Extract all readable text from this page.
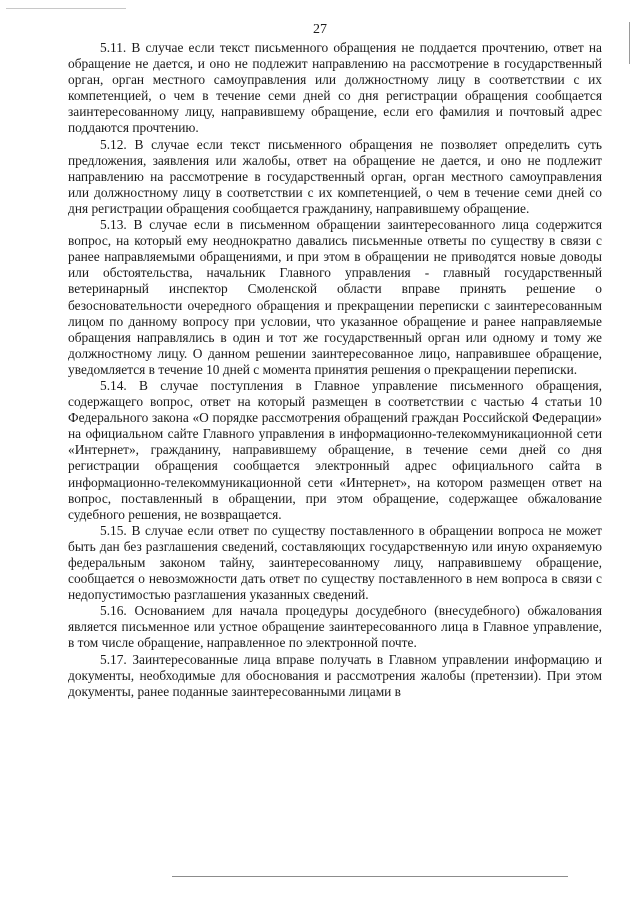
27

5.11. В случае если текст письменного обращения не поддается прочтению, ответ на обращение не дается, и оно не подлежит направлению на рассмотрение в государственный орган, орган местного самоуправления или должностному лицу в соответствии с их компетенцией, о чем в течение семи дней со дня регистрации обращения сообщается заинтересованному лицу, направившему обращение, если его фамилия и почтовый адрес поддаются прочтению.

5.12. В случае если текст письменного обращения не позволяет определить суть предложения, заявления или жалобы, ответ на обращение не дается, и оно не подлежит направлению на рассмотрение в государственный орган, орган местного самоуправления или должностному лицу в соответствии с их компетенцией, о чем в течение семи дней со дня регистрации обращения сообщается гражданину, направившему обращение.

5.13. В случае если в письменном обращении заинтересованного лица содержится вопрос, на который ему неоднократно давались письменные ответы по существу в связи с ранее направляемыми обращениями, и при этом в обращении не приводятся новые доводы или обстоятельства, начальник Главного управления - главный государственный ветеринарный инспектор Смоленской области вправе принять решение о безосновательности очередного обращения и прекращении переписки с заинтересованным лицом по данному вопросу при условии, что указанное обращение и ранее направляемые обращения направлялись в один и тот же государственный орган или одному и тому же должностному лицу. О данном решении заинтересованное лицо, направившее обращение, уведомляется в течение 10 дней с момента принятия решения о прекращении переписки.

5.14. В случае поступления в Главное управление письменного обращения, содержащего вопрос, ответ на который размещен в соответствии с частью 4 статьи 10 Федерального закона «О порядке рассмотрения обращений граждан Российской Федерации» на официальном сайте Главного управления в информационно-телекоммуникационной сети «Интернет», гражданину, направившему обращение, в течение семи дней со дня регистрации обращения сообщается электронный адрес официального сайта в информационно-телекоммуникационной сети «Интернет», на котором размещен ответ на вопрос, поставленный в обращении, при этом обращение, содержащее обжалование судебного решения, не возвращается.

5.15. В случае если ответ по существу поставленного в обращении вопроса не может быть дан без разглашения сведений, составляющих государственную или иную охраняемую федеральным законом тайну, заинтересованному лицу, направившему обращение, сообщается о невозможности дать ответ по существу поставленного в нем вопроса в связи с недопустимостью разглашения указанных сведений.

5.16. Основанием для начала процедуры досудебного (внесудебного) обжалования является письменное или устное обращение заинтересованного лица в Главное управление, в том числе обращение, направленное по электронной почте.

5.17. Заинтересованные лица вправе получать в Главном управлении информацию и документы, необходимые для обоснования и рассмотрения жалобы (претензии). При этом документы, ранее поданные заинтересованными лицами в
